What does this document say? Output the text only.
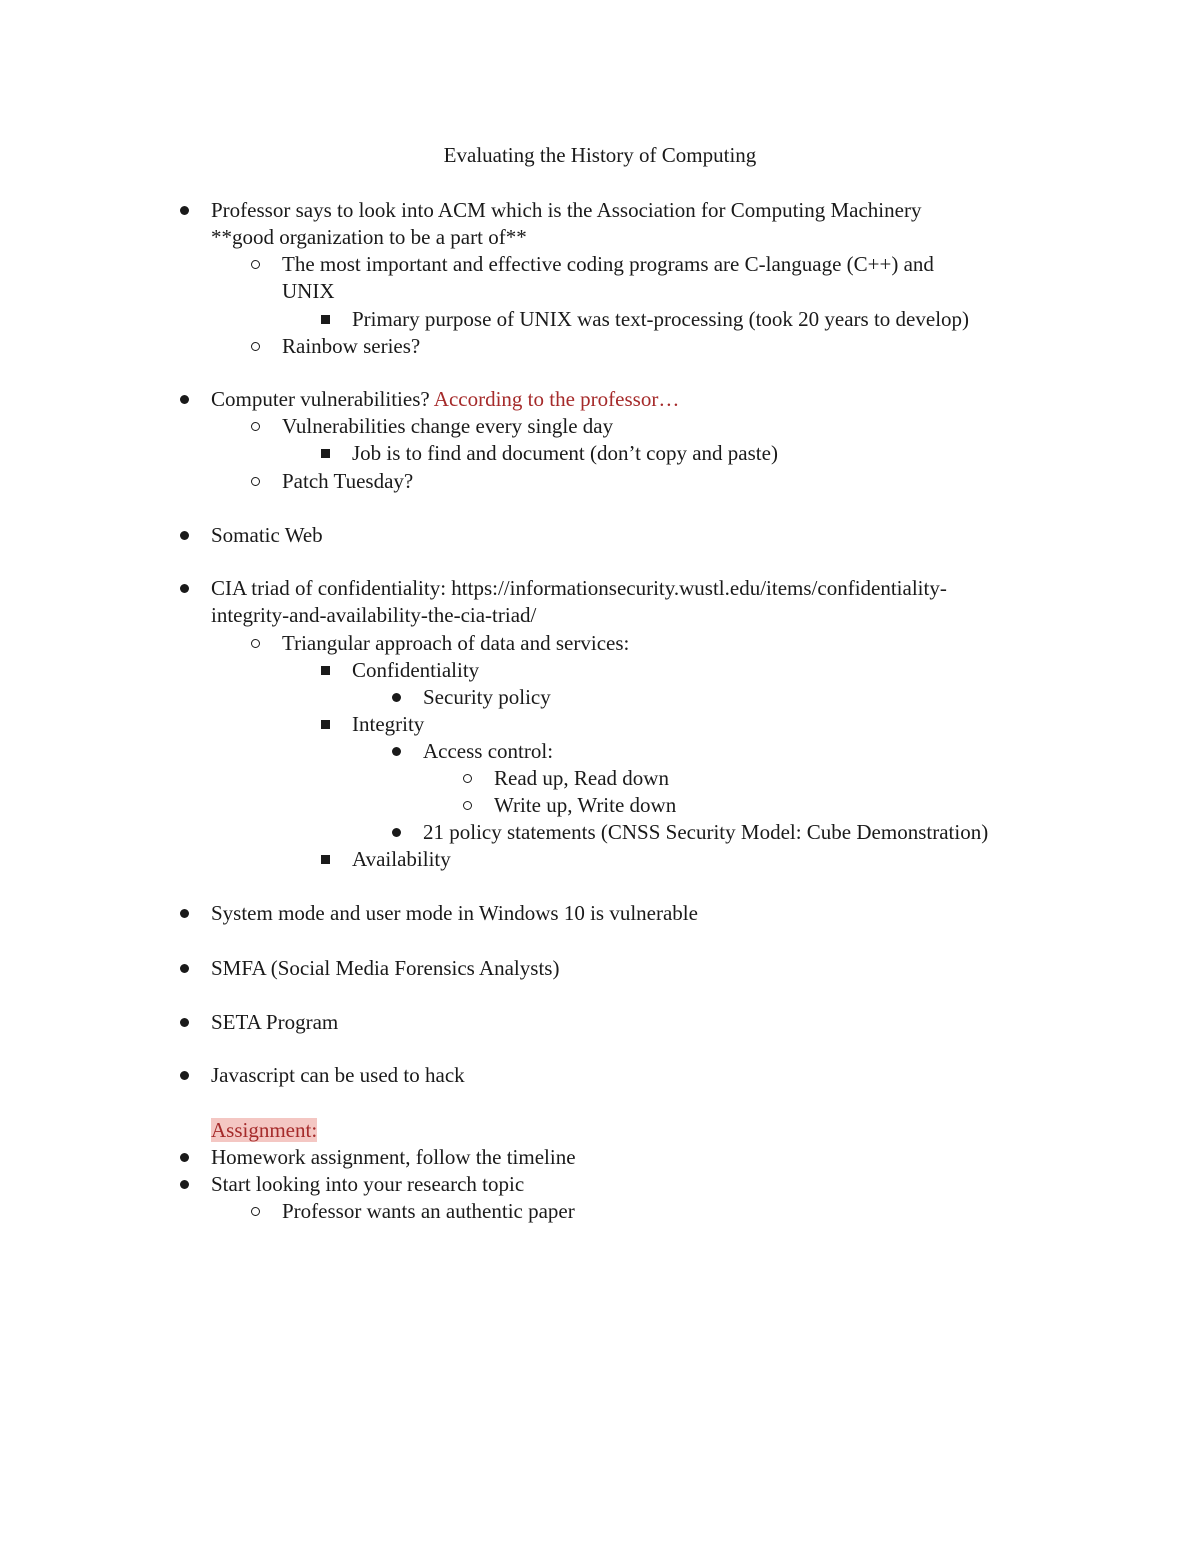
Evaluating the History of Computing
Professor says to look into ACM which is the Association for Computing Machinery
**good organization to be a part of**
The most important and effective coding programs are C-language (C++) and
UNIX
Primary purpose of UNIX was text-processing (took 20 years to develop)
Rainbow series?
Computer vulnerabilities? According to the professor…
Vulnerabilities change every single day
Job is to find and document (don’t copy and paste)
Patch Tuesday?
Somatic Web
CIA triad of confidentiality: https://informationsecurity.wustl.edu/items/confidentiality-
integrity-and-availability-the-cia-triad/
Triangular approach of data and services:
Confidentiality
Security policy
Integrity
Access control:
Read up, Read down
Write up, Write down
21 policy statements (CNSS Security Model: Cube Demonstration)
Availability
System mode and user mode in Windows 10 is vulnerable
SMFA (Social Media Forensics Analysts)
SETA Program
Javascript can be used to hack
Assignment:
Homework assignment, follow the timeline
Start looking into your research topic
Professor wants an authentic paper
